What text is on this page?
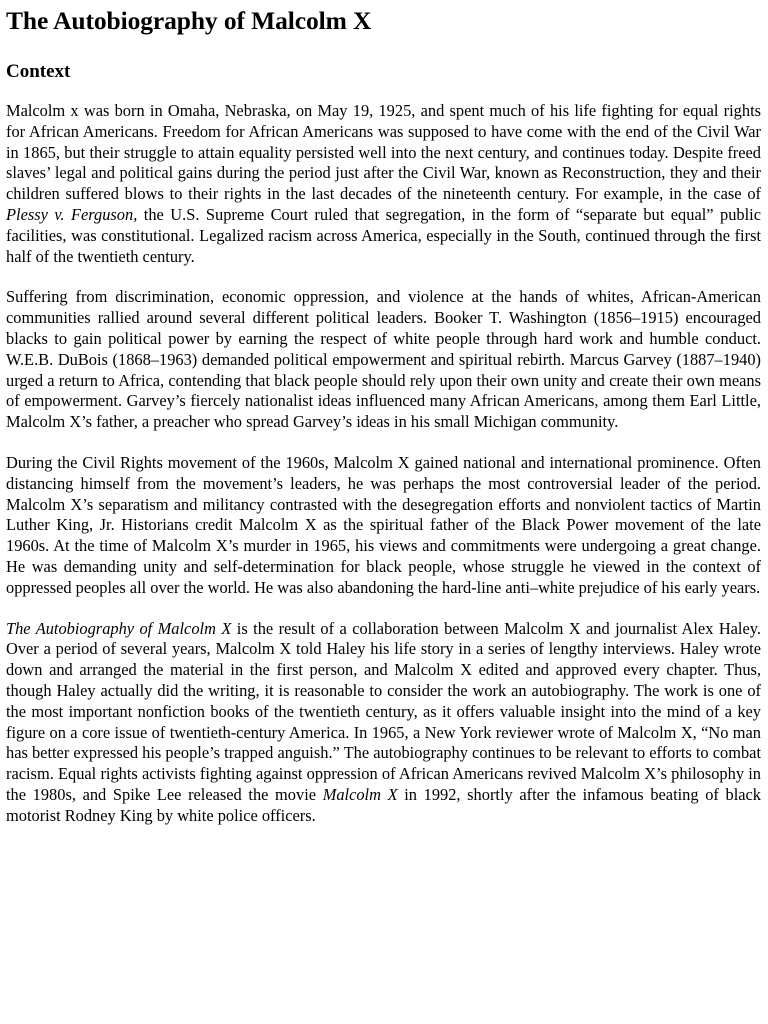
The Autobiography of Malcolm X
Context

Malcolm x was born in Omaha, Nebraska, on May 19, 1925, and spent much of his life fighting for equal rights for African Americans. Freedom for African Americans was supposed to have come with the end of the Civil War in 1865, but their struggle to attain equality persisted well into the next century, and continues today. Despite freed slaves’ legal and political gains during the period just after the Civil War, known as Reconstruction, they and their children suffered blows to their rights in the last decades of the nineteenth century. For example, in the case of Plessy v. Ferguson, the U.S. Supreme Court ruled that segregation, in the form of “separate but equal” public facilities, was constitutional. Legalized racism across America, especially in the South, continued through the first half of the twentieth century.

Suffering from discrimination, economic oppression, and violence at the hands of whites, African-American communities rallied around several different political leaders. Booker T. Washington (1856–1915) encouraged blacks to gain political power by earning the respect of white people through hard work and humble conduct. W.E.B. DuBois (1868–1963) demanded political empowerment and spiritual rebirth. Marcus Garvey (1887–1940) urged a return to Africa, contending that black people should rely upon their own unity and create their own means of empowerment. Garvey’s fiercely nationalist ideas influenced many African Americans, among them Earl Little, Malcolm X’s father, a preacher who spread Garvey’s ideas in his small Michigan community.

During the Civil Rights movement of the 1960s, Malcolm X gained national and international prominence. Often distancing himself from the movement’s leaders, he was perhaps the most controversial leader of the period. Malcolm X’s separatism and militancy contrasted with the desegregation efforts and nonviolent tactics of Martin Luther King, Jr. Historians credit Malcolm X as the spiritual father of the Black Power movement of the late 1960s. At the time of Malcolm X’s murder in 1965, his views and commitments were undergoing a great change. He was demanding unity and self-determination for black people, whose struggle he viewed in the context of oppressed peoples all over the world. He was also abandoning the hard-line anti–white prejudice of his early years.

The Autobiography of Malcolm X is the result of a collaboration between Malcolm X and journalist Alex Haley. Over a period of several years, Malcolm X told Haley his life story in a series of lengthy interviews. Haley wrote down and arranged the material in the first person, and Malcolm X edited and approved every chapter. Thus, though Haley actually did the writing, it is reasonable to consider the work an autobiography. The work is one of the most important nonfiction books of the twentieth century, as it offers valuable insight into the mind of a key figure on a core issue of twentieth-century America. In 1965, a New York reviewer wrote of Malcolm X, “No man has better expressed his people’s trapped anguish.” The autobiography continues to be relevant to efforts to combat racism. Equal rights activists fighting against oppression of African Americans revived Malcolm X’s philosophy in the 1980s, and Spike Lee released the movie Malcolm X in 1992, shortly after the infamous beating of black motorist Rodney King by white police officers.
